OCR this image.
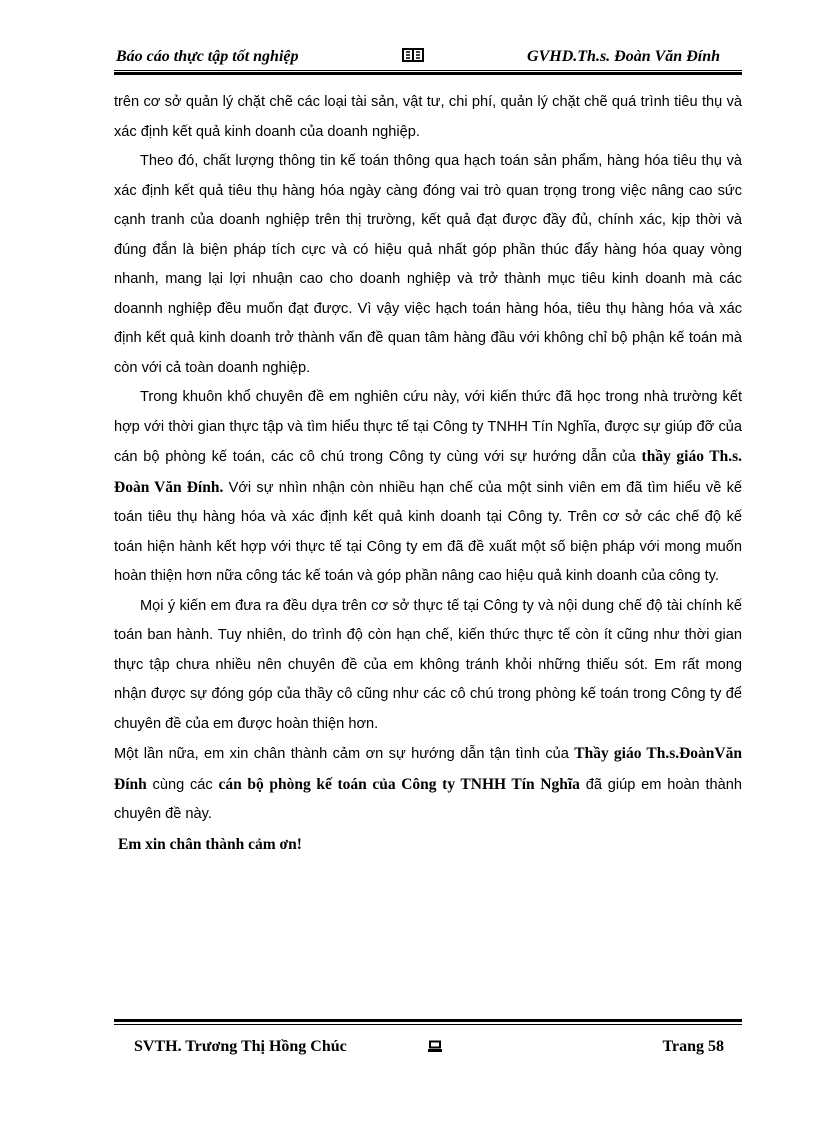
Báo cáo thực tập tốt nghiệp	GVHD.Th.s. Đoàn Văn Đính

trên cơ sở quản lý chặt chẽ các loại tài sản, vật tư, chi phí, quản lý chặt chẽ quá trình tiêu thụ và xác định kết quả kinh doanh của doanh nghiệp.

Theo đó, chất lượng thông tin kế toán thông qua hạch toán sản phẩm, hàng hóa tiêu thụ và xác định kết quả tiêu thụ hàng hóa ngày càng đóng vai trò quan trọng trong việc nâng cao sức cạnh tranh của doanh nghiệp trên thị trường, kết quả đạt được đầy đủ, chính xác, kịp thời và đúng đắn là biện pháp tích cực và có hiệu quả nhất góp phần thúc đẩy hàng hóa quay vòng nhanh, mang lại lợi nhuận cao cho doanh nghiệp và trở thành mục tiêu kinh doanh mà các doannh nghiệp đều muốn đạt được. Vì vậy việc hạch toán hàng hóa, tiêu thụ hàng hóa và xác định kết quả kinh doanh trở thành vấn đề quan tâm hàng đầu với không chỉ bộ phận kế toán mà còn với cả toàn doanh nghiệp.

Trong khuôn khổ chuyên đề em nghiên cứu này, với kiến thức đã học trong nhà trường kết hợp với thời gian thực tập và tìm hiểu thực tế tại Công ty TNHH Tín Nghĩa, được sự giúp đỡ của cán bộ phòng kế toán, các cô chú trong Công ty cùng với sự hướng dẫn của thầy giáo Th.s. Đoàn Văn Đính. Với sự nhìn nhận còn nhiều hạn chế của một sinh viên em đã tìm hiểu về kế toán tiêu thụ hàng hóa và xác định kết quả kinh doanh tại Công ty. Trên cơ sở các chế độ kế toán hiện hành kết hợp với thực tế tại Công ty em đã đề xuất một số biện pháp với mong muốn hoàn thiện hơn nữa công tác kế toán và góp phần nâng cao hiệu quả kinh doanh của công ty.

Mọi ý kiến em đưa ra đều dựa trên cơ sở thực tế tại Công ty và nội dung chế độ tài chính kế toán ban hành. Tuy nhiên, do trình độ còn hạn chế, kiến thức thực tế còn ít cũng như thời gian thực tập chưa nhiều nên chuyên đề của em không tránh khỏi những thiếu sót. Em rất mong nhận được sự đóng góp của thầy cô cũng như các cô chú trong phòng kế toán trong Công ty để chuyên đề của em được hoàn thiện hơn.

Một lần nữa, em xin chân thành cảm ơn sự hướng dẫn tận tình của Thầy giáo Th.s.ĐoànVăn Đính cùng các cán bộ phòng kế toán của Công ty TNHH Tín Nghĩa đã giúp em hoàn thành chuyên đề này.

Em xin chân thành cảm ơn!

SVTH. Trương Thị Hồng Chúc	Trang 58
